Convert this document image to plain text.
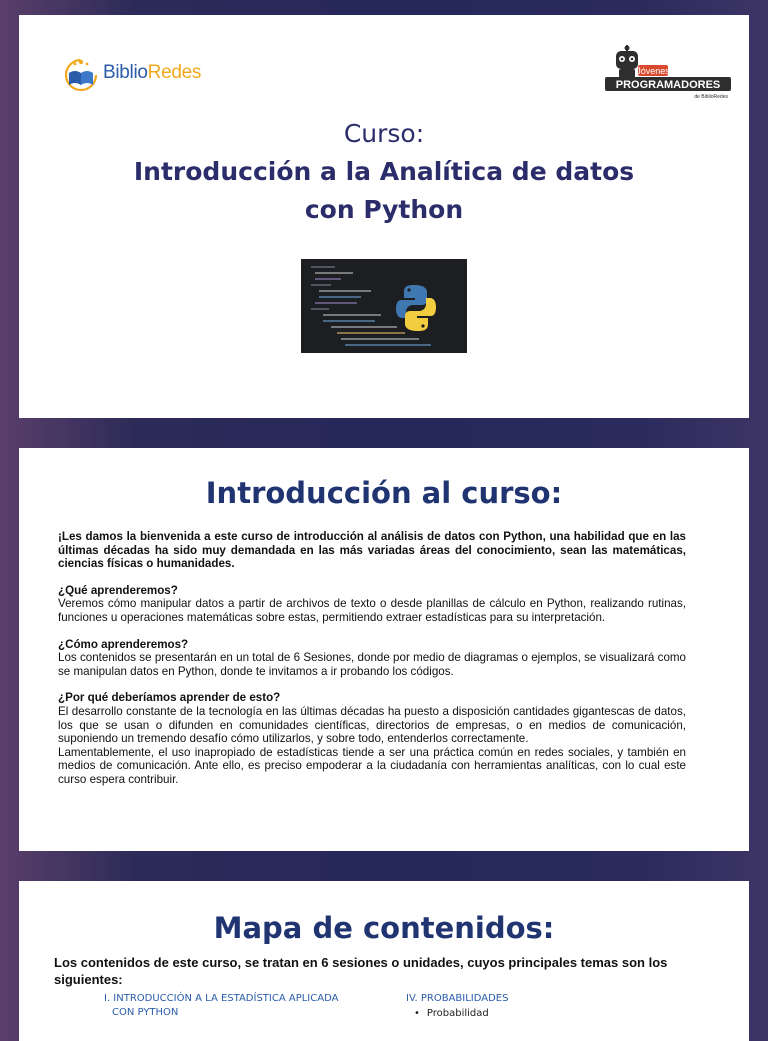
BiblioRedes	Jóvenes
PROGRAMADORES
de BiblioRedes
Curso:
Introducción a la Analítica de datos
con Python
Introducción al curso:

¡Les damos la bienvenida a este curso de introducción al análisis de datos con Python, una habilidad que en las últimas décadas ha sido muy demandada en las más variadas áreas del conocimiento, sean las matemáticas, ciencias físicas o humanidades.

¿Qué aprenderemos?

Veremos cómo manipular datos a partir de archivos de texto o desde planillas de cálculo en Python, realizando rutinas, funciones u operaciones matemáticas sobre estas, permitiendo extraer estadísticas para su interpretación.

¿Cómo aprenderemos?

Los contenidos se presentarán en un total de 6 Sesiones, donde por medio de diagramas o ejemplos, se visualizará como se manipulan datos en Python, donde te invitamos a ir probando los códigos.

¿Por qué deberíamos aprender de esto?

El desarrollo constante de la tecnología en las últimas décadas ha puesto a disposición cantidades gigantescas de datos, los que se usan o difunden en comunidades científicas, directorios de empresas, o en medios de comunicación, suponiendo un tremendo desafío cómo utilizarlos, y sobre todo, entenderlos correctamente.

Lamentablemente, el uso inapropiado de estadísticas tiende a ser una práctica común en redes sociales, y también en medios de comunicación. Ante ello, es preciso empoderar a la ciudadanía con herramientas analíticas, con lo cual este curso espera contribuir.

Mapa de contenidos:
Los contenidos de este curso, se tratan en 6 sesiones o unidades, cuyos principales temas son los siguientes:
I. INTRODUCCIÓN A LA ESTADÍSTICA APLICADA
CON PYTHON
IV. PROBABILIDADES
• Probabilidad
